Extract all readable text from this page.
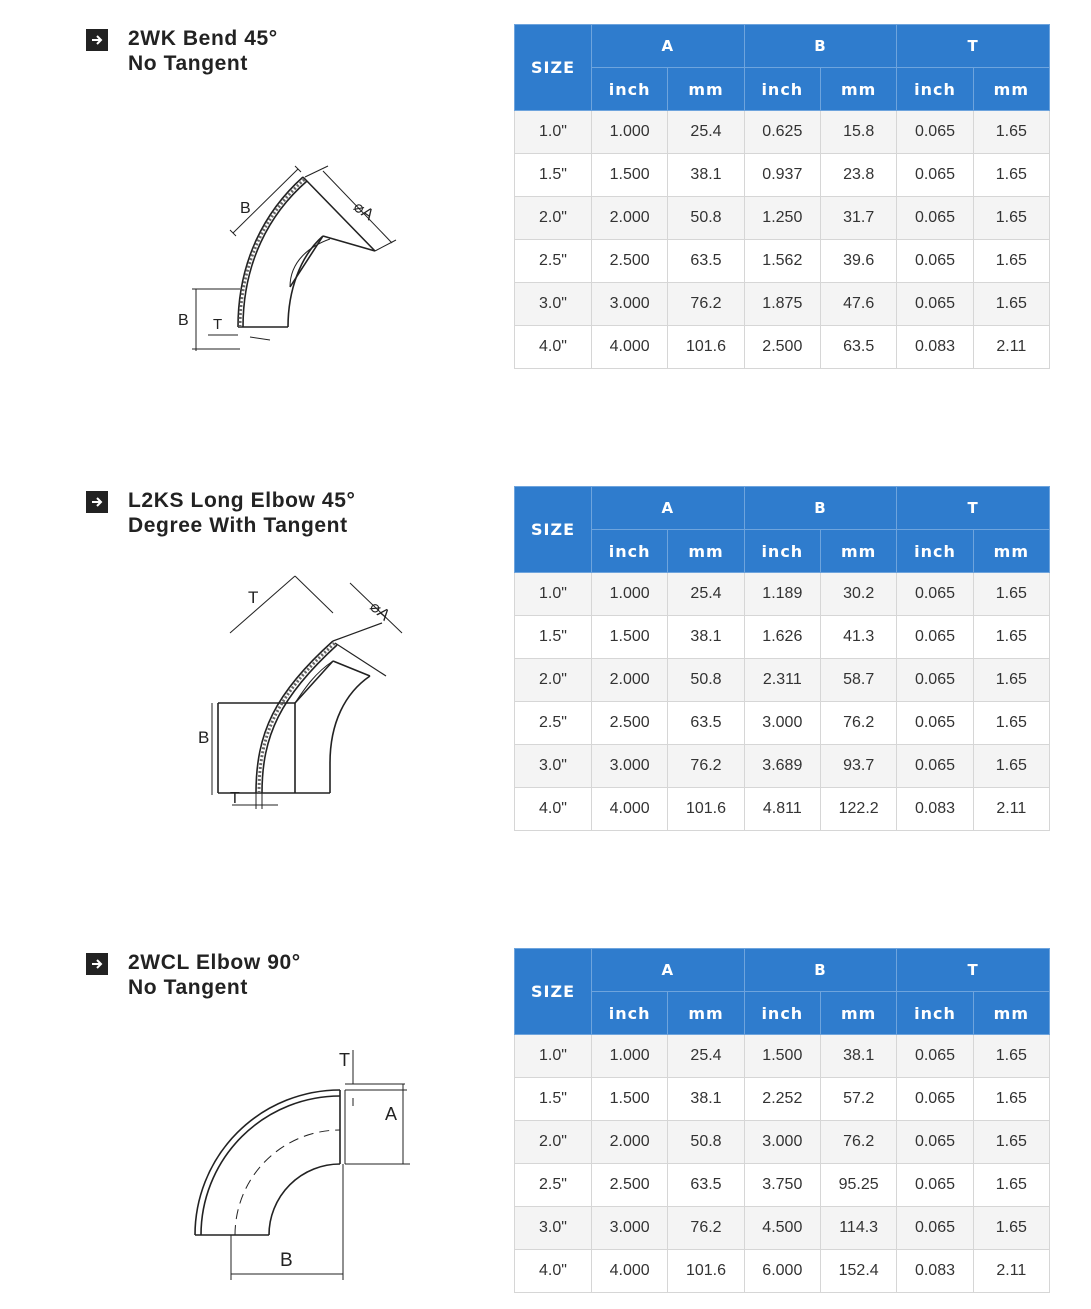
2WK Bend 45°
No Tangent
B	⌀A
B T
SIZE	A		B		T	
	inch	mm	inch	mm	inch	mm
1.0"	1.000	25.4	0.625	15.8	0.065	1.65
1.5"	1.500	38.1	0.937	23.8	0.065	1.65
2.0"	2.000	50.8	1.250	31.7	0.065	1.65
2.5"	2.500	63.5	1.562	39.6	0.065	1.65
3.0"	3.000	76.2	1.875	47.6	0.065	1.65
4.0"	4.000	101.6	2.500	63.5	0.083	2.11
L2KS Long Elbow 45°
Degree With Tangent
T
⌀A
B
T
SIZE	A		B		T	
	inch	mm	inch	mm	inch	mm
1.0"	1.000	25.4	1.189	30.2	0.065	1.65
1.5"	1.500	38.1	1.626	41.3	0.065	1.65
2.0"	2.000	50.8	2.311	58.7	0.065	1.65
2.5"	2.500	63.5	3.000	76.2	0.065	1.65
3.0"	3.000	76.2	3.689	93.7	0.065	1.65
4.0"	4.000	101.6	4.811	122.2	0.083	2.11
2WCL Elbow 90°
No Tangent
T
A
B
SIZE	A		B		T	
	inch	mm	inch	mm	inch	mm
1.0"	1.000	25.4	1.500	38.1	0.065	1.65
1.5"	1.500	38.1	2.252	57.2	0.065	1.65
2.0"	2.000	50.8	3.000	76.2	0.065	1.65
2.5"	2.500	63.5	3.750	95.25	0.065	1.65
3.0"	3.000	76.2	4.500	114.3	0.065	1.65
4.0"	4.000	101.6	6.000	152.4	0.083	2.11
